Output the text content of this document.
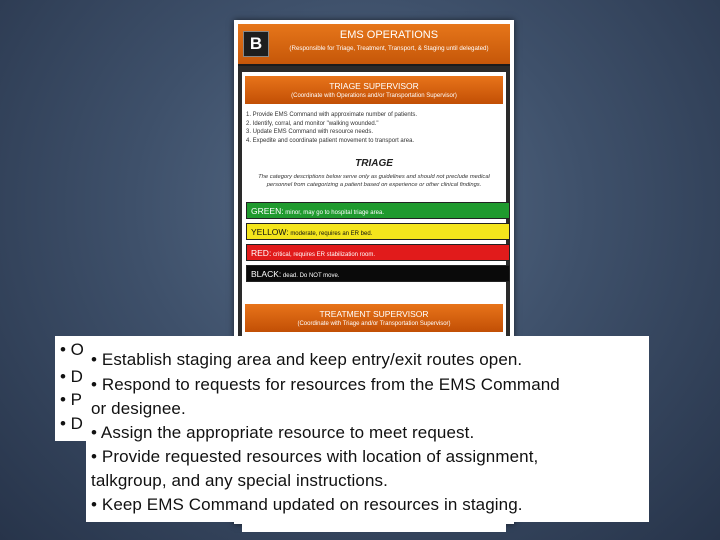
B	EMS OPERATIONS
(Responsible for Triage, Treatment, Transport, & Staging until delegated)
TRIAGE SUPERVISOR
(Coordinate with Operations and/or Transportation Supervisor)
1. Provide EMS Command with approximate number of patients.
2. Identify, corral, and monitor "walking wounded."
3. Update EMS Command with resource needs.
4. Expedite and coordinate patient movement to transport area.
TRIAGE
The category descriptions below serve only as guidelines and should not preclude medical personnel from categorizing a patient based on experience or other clinical findings.
GREEN: minor, may go to hospital triage area.
YELLOW: moderate, requires an ER bed.
RED: critical, requires ER stabilization room.
BLACK: dead. Do NOT move.
TREATMENT SUPERVISOR
(Coordinate with Triage and/or Transportation Supervisor)
• O
• D
• P
• D
• Establish staging area and keep entry/exit routes open.
• Respond to requests for resources from the EMS Command
or designee.
• Assign the appropriate resource to meet request.
• Provide requested resources with location of assignment,
talkgroup, and any special instructions.
• Keep EMS Command updated on resources in staging.
